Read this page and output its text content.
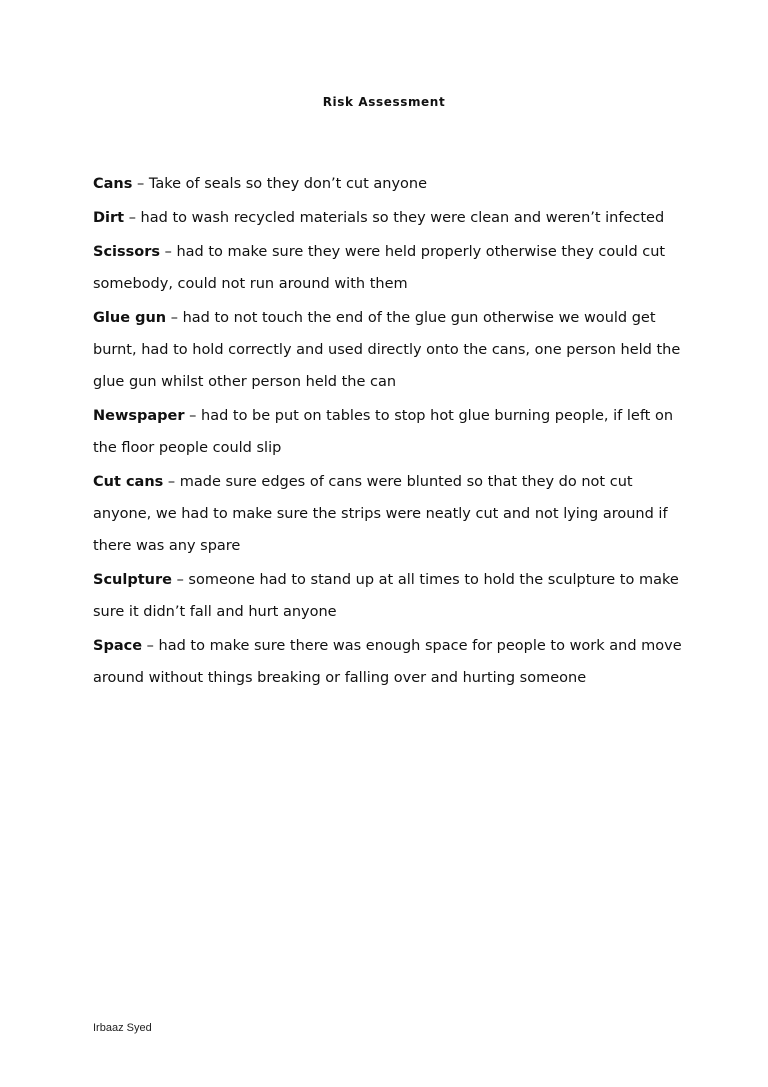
Risk Assessment

Cans – Take of seals so they don’t cut anyone

Dirt – had to wash recycled materials so they were clean and weren’t infected

Scissors – had to make sure they were held properly otherwise they could cut somebody, could not run around with them

Glue gun – had to not touch the end of the glue gun otherwise we would get burnt, had to hold correctly and used directly onto the cans, one person held the glue gun whilst other person held the can

Newspaper – had to be put on tables to stop hot glue burning people, if left on the floor people could slip

Cut cans – made sure edges of cans were blunted so that they do not cut anyone, we had to make sure the strips were neatly cut and not lying around if there was any spare

Sculpture – someone had to stand up at all times to hold the sculpture to make sure it didn’t fall and hurt anyone

Space – had to make sure there was enough space for people to work and move around without things breaking or falling over and hurting someone

Irbaaz Syed
